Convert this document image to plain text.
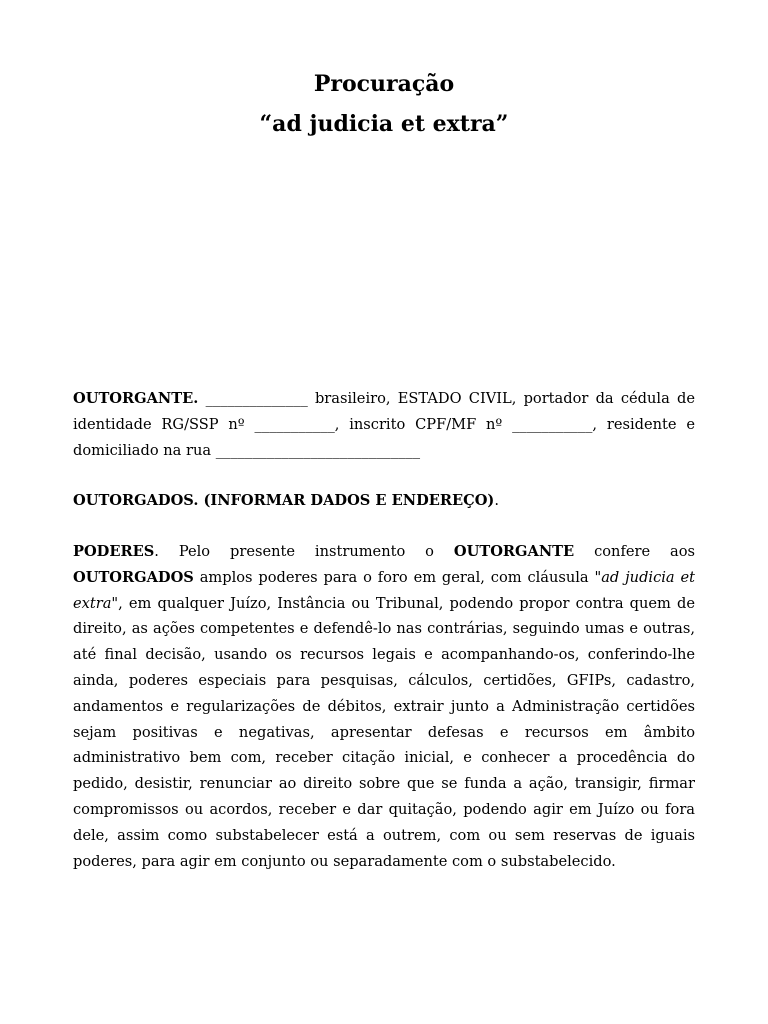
Procuração
“ad judicia et extra”

OUTORGANTE. ______________ brasileiro, ESTADO CIVIL, portador da cédula de identidade RG/SSP nº ___________, inscrito CPF/MF nº ___________, residente e domiciliado na rua ____________________________

OUTORGADOS. (INFORMAR DADOS E ENDEREÇO).

PODERES. Pelo presente instrumento o OUTORGANTE confere aos OUTORGADOS amplos poderes para o foro em geral, com cláusula "ad judicia et extra", em qualquer Juízo, Instância ou Tribunal, podendo propor contra quem de direito, as ações competentes e defendê-lo nas contrárias, seguindo umas e outras, até final decisão, usando os recursos legais e acompanhando-os, conferindo-lhe ainda, poderes especiais para pesquisas, cálculos, certidões, GFIPs, cadastro, andamentos e regularizações de débitos, extrair junto a Administração certidões sejam positivas e negativas, apresentar defesas e recursos em âmbito administrativo bem com, receber citação inicial, e conhecer a procedência do pedido, desistir, renunciar ao direito sobre que se funda a ação, transigir, firmar compromissos ou acordos, receber e dar quitação, podendo agir em Juízo ou fora dele, assim como substabelecer está a outrem, com ou sem reservas de iguais poderes, para agir em conjunto ou separadamente com o substabelecido.
